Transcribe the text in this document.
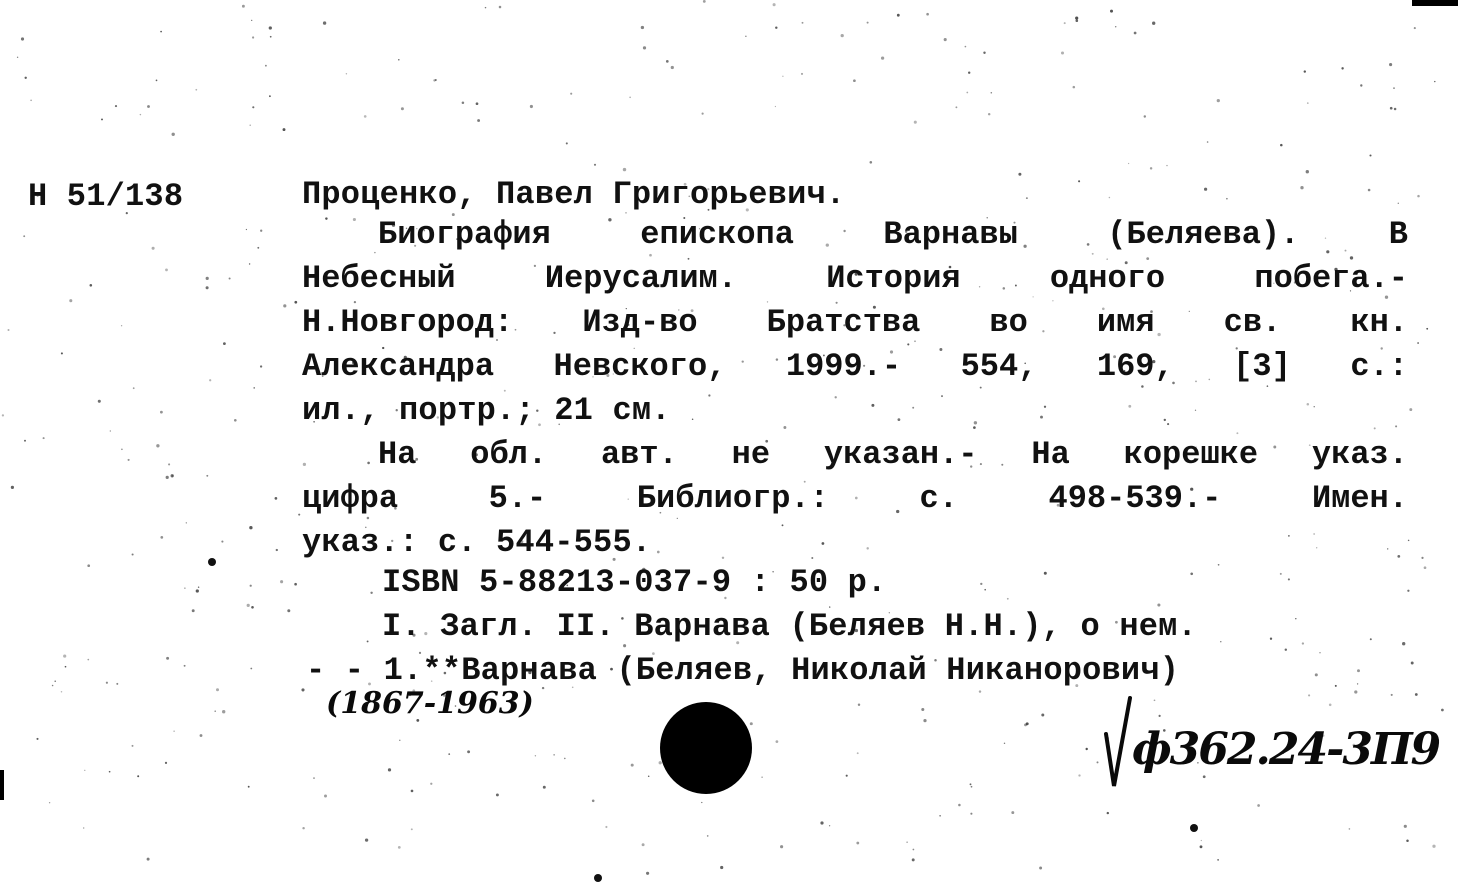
Н 51/138	Проценко, Павел Григорьевич.
Биография	епископа	Варнавы	(Беляева).	В
Небесный	Иерусалим.	История	одного	побега.-
Н.Новгород: Изд-во Братства во имя св. кн.
Александра Невского, 1999.- 554, 169, [3] с.:
ил., портр.; 21 см.
На обл. авт. не указан.- На корешке указ.
цифра	5.-	Библиогр.:	с.	498-539.-	Имен.
указ.: с. 544-555.
ISBN 5-88213-037-9 : 50 р.
I. Загл. II. Варнава (Беляев Н.Н.), о нем.
- - 1.**Варнава (Беляев, Николай Никанорович)
(1867-1963)
ф362.24-3П9
